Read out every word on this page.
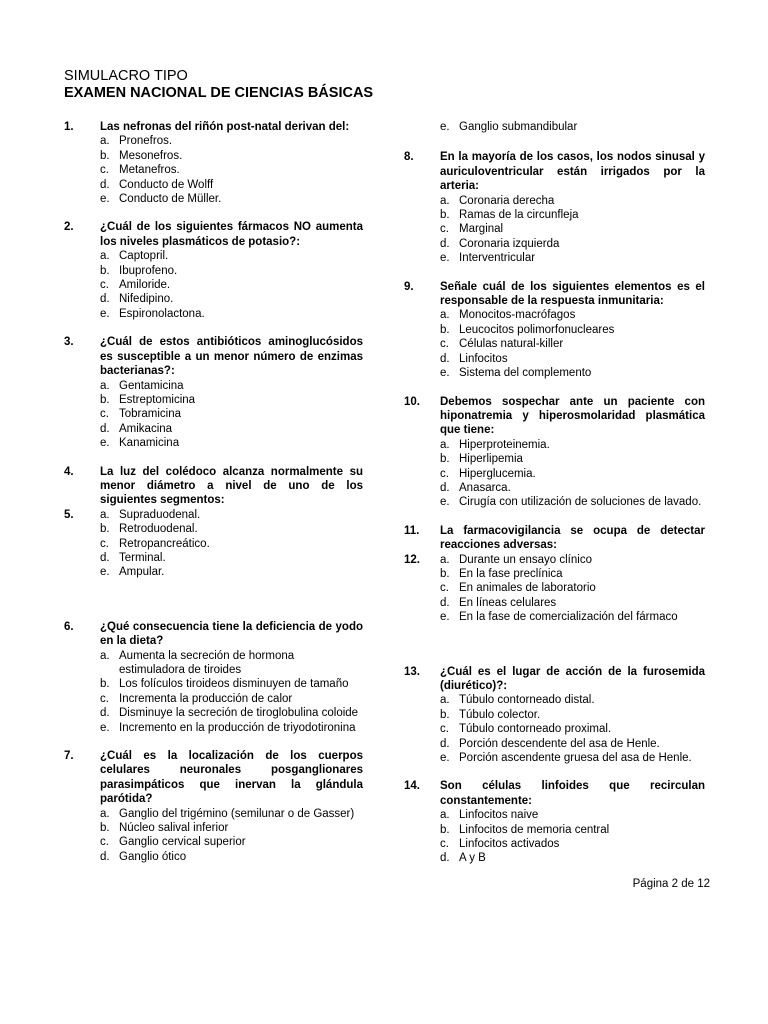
SIMULACRO TIPO
EXAMEN NACIONAL DE CIENCIAS BÁSICAS
1. Las nefronas del riñón post-natal derivan del:
a. Pronefros.
b. Mesonefros.
c. Metanefros.
d. Conducto de Wolff
e. Conducto de Müller.
2. ¿Cuál de los siguientes fármacos NO aumenta los niveles plasmáticos de potasio?:
a. Captopril.
b. Ibuprofeno.
c. Amiloride.
d. Nifedipino.
e. Espironolactona.
3. ¿Cuál de estos antibióticos aminoglucósidos es susceptible a un menor número de enzimas bacterianas?:
a. Gentamicina
b. Estreptomicina
c. Tobramicina
d. Amikacina
e. Kanamicina
4. La luz del colédoco alcanza normalmente su menor diámetro a nivel de uno de los siguientes segmentos:
5. a. Supraduodenal.
b. Retroduodenal.
c. Retropancreático.
d. Terminal.
e. Ampular.
6. ¿Qué consecuencia tiene la deficiencia de yodo en la dieta?
a. Aumenta la secreción de hormona estimuladora de tiroides
b. Los folículos tiroideos disminuyen de tamaño
c. Incrementa la producción de calor
d. Disminuye la secreción de tiroglobulina coloide
e. Incremento en la producción de triyodotironina
7. ¿Cuál es la localización de los cuerpos celulares neuronales posganglionares parasimpáticos que inervan la glándula parótida?
a. Ganglio del trigémino (semilunar o de Gasser)
b. Núcleo salival inferior
c. Ganglio cervical superior
d. Ganglio ótico
e. Ganglio submandibular
8. En la mayoría de los casos, los nodos sinusal y auriculoventricular están irrigados por la arteria:
a. Coronaria derecha
b. Ramas de la circunfleja
c. Marginal
d. Coronaria izquierda
e. Interventricular
9. Señale cuál de los siguientes elementos es el responsable de la respuesta inmunitaria:
a. Monocitos-macrófagos
b. Leucocitos polimorfonucleares
c. Células natural-killer
d. Linfocitos
e. Sistema del complemento
10. Debemos sospechar ante un paciente con hiponatremia y hiperosmolaridad plasmática que tiene:
a. Hiperproteinemia.
b. Hiperlipemia
c. Hiperglucemia.
d. Anasarca.
e. Cirugía con utilización de soluciones de lavado.
11. La farmacovigilancia se ocupa de detectar reacciones adversas:
12. a. Durante un ensayo clínico
b. En la fase preclínica
c. En animales de laboratorio
d. En líneas celulares
e. En la fase de comercialización del fármaco
13. ¿Cuál es el lugar de acción de la furosemida (diurético)?:
a. Túbulo contorneado distal.
b. Túbulo colector.
c. Túbulo contorneado proximal.
d. Porción descendente del asa de Henle.
e. Porción ascendente gruesa del asa de Henle.
14. Son células linfoides que recirculan constantemente:
a. Linfocitos naive
b. Linfocitos de memoria central
c. Linfocitos activados
d. A y B
Página 2 de 12
